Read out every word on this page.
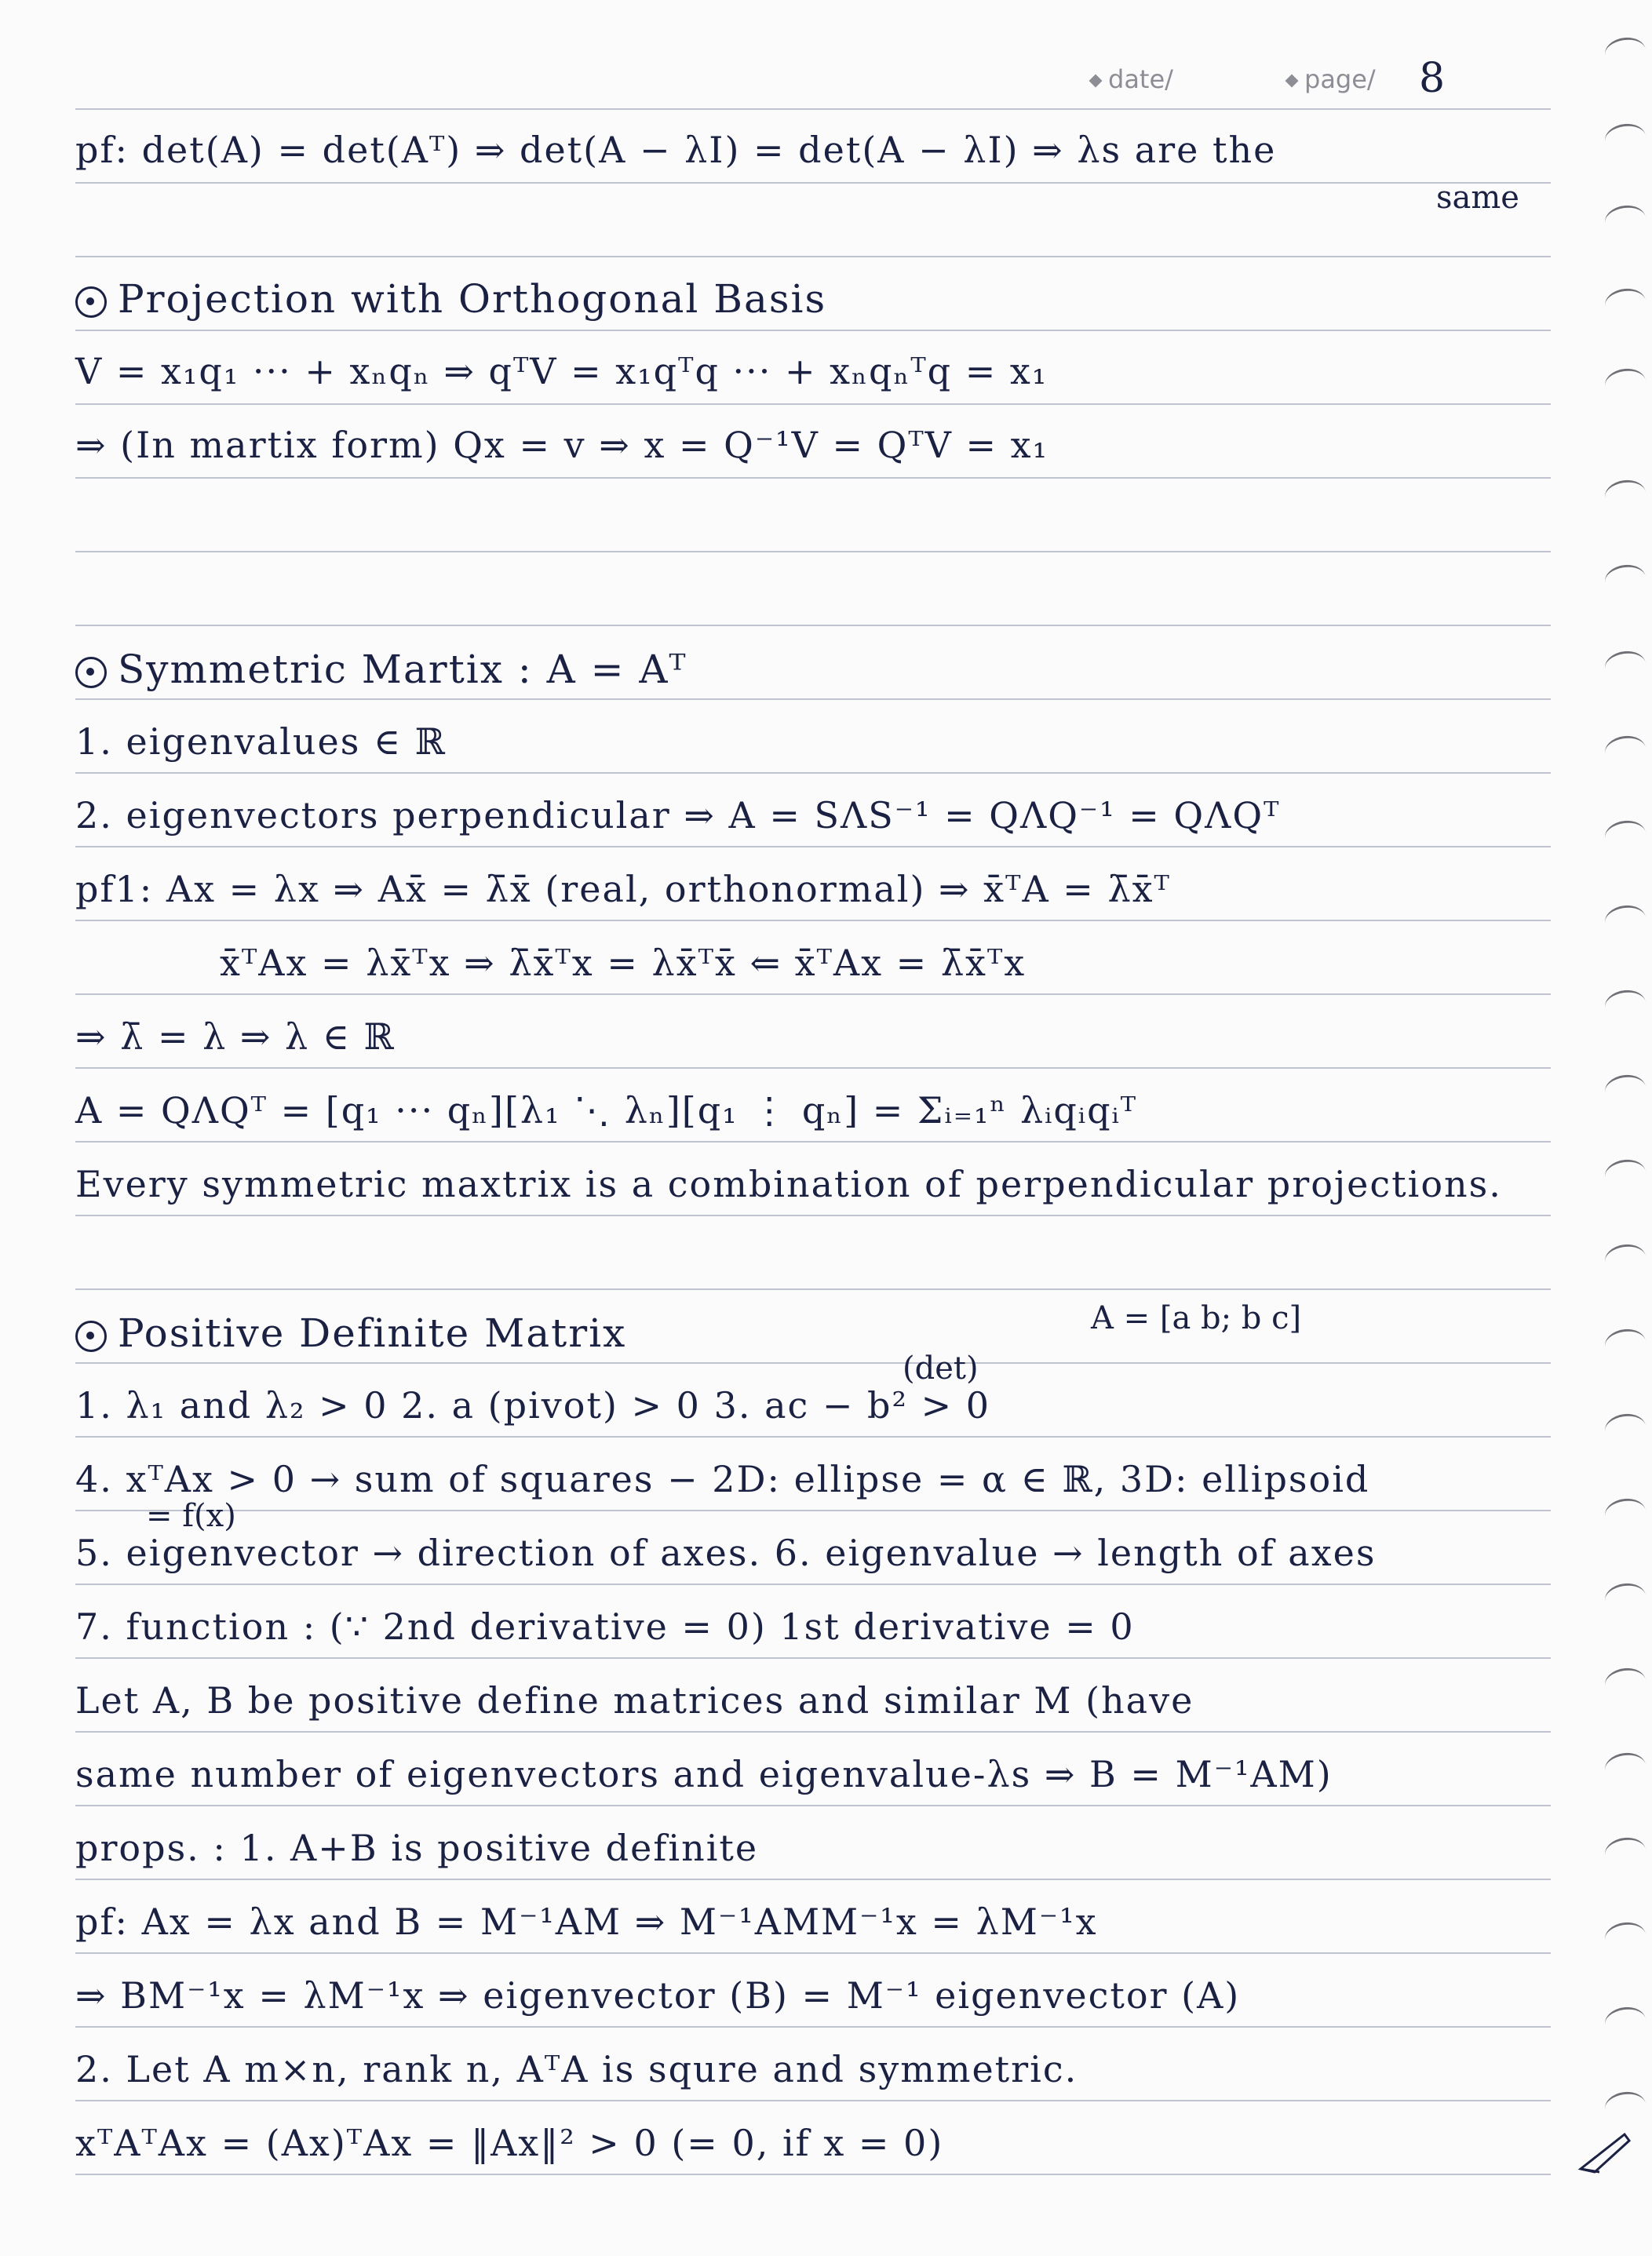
date/	page/ 8
pf: det(A) = det(Aᵀ) ⇒ det(A − λI) = det(A − λI) ⇒ λs are the
same
Projection with Orthogonal Basis
V = x₁q₁ ··· + xₙqₙ ⇒ qᵀV = x₁qᵀq ··· + xₙqₙᵀq = x₁
⇒ (In martix form) Qx = v ⇒ x = Q⁻¹V = QᵀV = x₁
Symmetric Martix : A = Aᵀ
1. eigenvalues ∈ ℝ
2. eigenvectors perpendicular ⇒ A = SΛS⁻¹ = QΛQ⁻¹ = QΛQᵀ
pf1: Ax = λx ⇒ Ax̄ = λ̄x̄ (real, orthonormal) ⇒ x̄ᵀA = λ̄x̄ᵀ
x̄ᵀAx = λx̄ᵀx ⇒ λ̄x̄ᵀx = λx̄ᵀx̄ ⇐ x̄ᵀAx = λ̄x̄ᵀx
⇒ λ̄ = λ ⇒ λ ∈ ℝ
A = QΛQᵀ = [q₁ ··· qₙ][λ₁ ⋱ λₙ][q₁ ⋮ qₙ] = Σᵢ₌₁ⁿ λᵢqᵢqᵢᵀ
Every symmetric maxtrix is a combination of perpendicular projections.
Positive Definite Matrix	A = [a b; b c]
(det)
1. λ₁ and λ₂ > 0 2. a (pivot) > 0 3. ac − b² > 0
4. xᵀAx > 0 → sum of squares − 2D: ellipse = α ∈ ℝ, 3D: ellipsoid
= f(x)
5. eigenvector → direction of axes. 6. eigenvalue → length of axes
7. function : (∵ 2nd derivative = 0) 1st derivative = 0
Let A, B be positive define matrices and similar M (have
same number of eigenvectors and eigenvalue-λs ⇒ B = M⁻¹AM)
props. : 1. A+B is positive definite
pf: Ax = λx and B = M⁻¹AM ⇒ M⁻¹AMM⁻¹x = λM⁻¹x
⇒ BM⁻¹x = λM⁻¹x ⇒ eigenvector (B) = M⁻¹ eigenvector (A)
2. Let A m×n, rank n, AᵀA is squre and symmetric.
xᵀAᵀAx = (Ax)ᵀAx = ‖Ax‖² > 0 (= 0, if x = 0)
